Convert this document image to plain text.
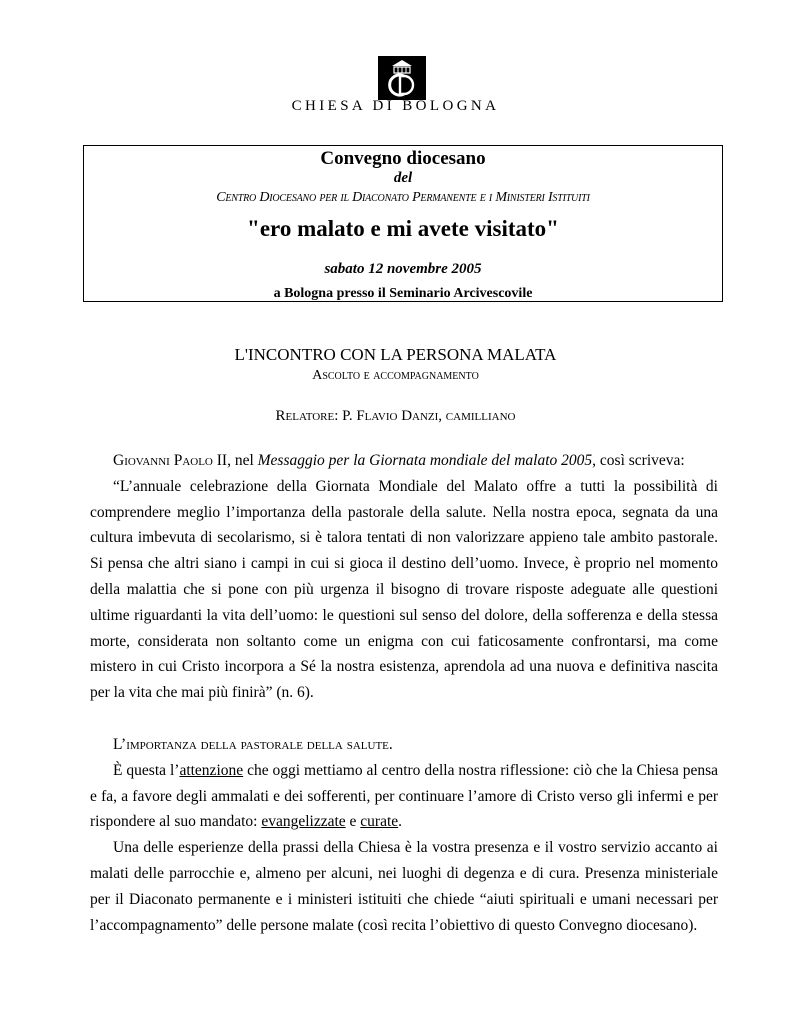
CHIESA DI BOLOGNA
Convegno diocesano
del
Centro Diocesano per il Diaconato Permanente e i Ministeri Istituiti
"ero malato e mi avete visitato"
sabato 12 novembre 2005
a Bologna presso il Seminario Arcivescovile
L'INCONTRO CON LA PERSONA MALATA
Ascolto e accompagnamento
Relatore: P. Flavio Danzi, camilliano

Giovanni Paolo II, nel Messaggio per la Giornata mondiale del malato 2005, così scriveva:

“L’annuale celebrazione della Giornata Mondiale del Malato offre a tutti la possibilità di comprendere meglio l’importanza della pastorale della salute. Nella nostra epoca, segnata da una cultura imbevuta di secolarismo, si è talora tentati di non valorizzare appieno tale ambito pastorale. Si pensa che altri siano i campi in cui si gioca il destino dell’uomo. Invece, è proprio nel momento della malattia che si pone con più urgenza il bisogno di trovare risposte adeguate alle questioni ultime riguardanti la vita dell’uomo: le questioni sul senso del dolore, della sofferenza e della stessa morte, considerata non soltanto come un enigma con cui faticosamente confrontarsi, ma come mistero in cui Cristo incorpora a Sé la nostra esistenza, aprendola ad una nuova e definitiva nascita per la vita che mai più finirà” (n. 6).

L’importanza della pastorale della salute.

È questa l’attenzione che oggi mettiamo al centro della nostra riflessione: ciò che la Chiesa pensa e fa, a favore degli ammalati e dei sofferenti, per continuare l’amore di Cristo verso gli infermi e per rispondere al suo mandato: evangelizzate e curate.

Una delle esperienze della prassi della Chiesa è la vostra presenza e il vostro servizio accanto ai malati delle parrocchie e, almeno per alcuni, nei luoghi di degenza e di cura. Presenza ministeriale per il Diaconato permanente e i ministeri istituiti che chiede “aiuti spirituali e umani necessari per l’accompagnamento” delle persone malate (così recita l’obiettivo di questo Convegno diocesano).
